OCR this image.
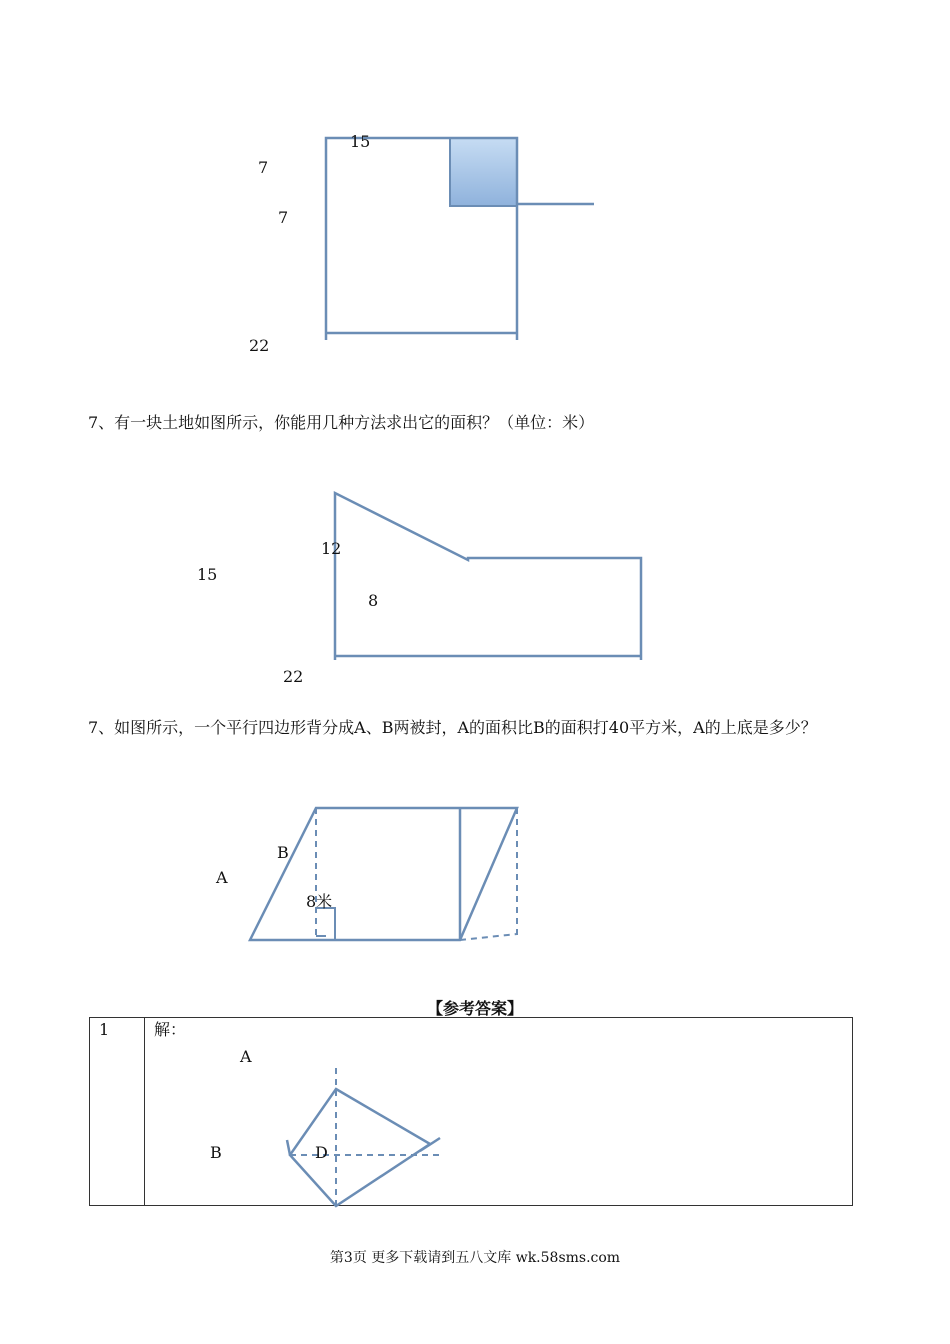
15
7
7
22
7、有一块土地如图所示，你能用几种方法求出它的面积？（单位：米）
12
15
8
22
7、如图所示，一个平行四边形背分成A、B两被封，A的面积比B的面积打40平方米，A的上底是多少？
B
A
8米
【参考答案】
1	解：
A
B	D
第3页 更多下载请到五八文库 wk.58sms.com
